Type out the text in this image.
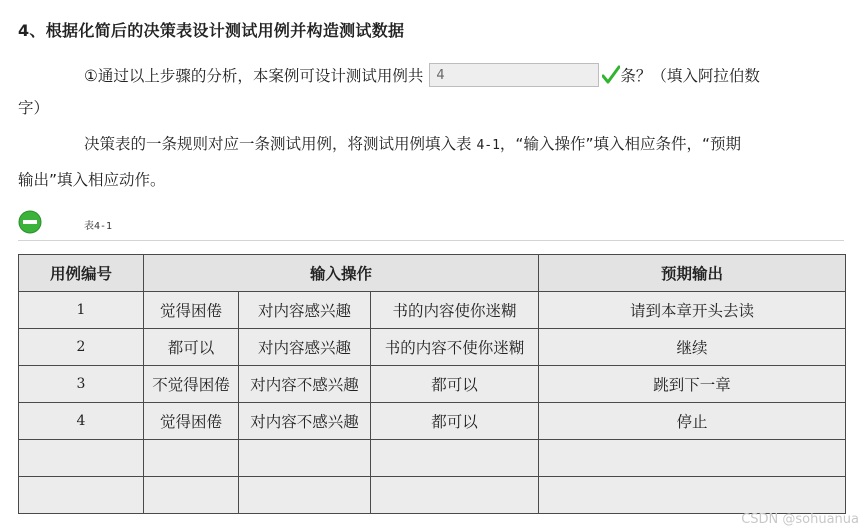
4、根据化简后的决策表设计测试用例并构造测试数据
①通过以上步骤的分析，本案例可设计测试用例共
4	条？（填入阿拉伯数
字）
决策表的一条规则对应一条测试用例，将测试用例填入表 4-1，“输入操作”填入相应条件，“预期
输出”填入相应动作。
表4-1
用例编号	输入操作			预期输出
1	觉得困倦	对内容感兴趣	书的内容使你迷糊	请到本章开头去读
2	都可以	对内容感兴趣	书的内容不使你迷糊	继续
3	不觉得困倦	对内容不感兴趣	都可以	跳到下一章
4	觉得困倦	对内容不感兴趣	都可以	停止

CSDN @sohuanua
